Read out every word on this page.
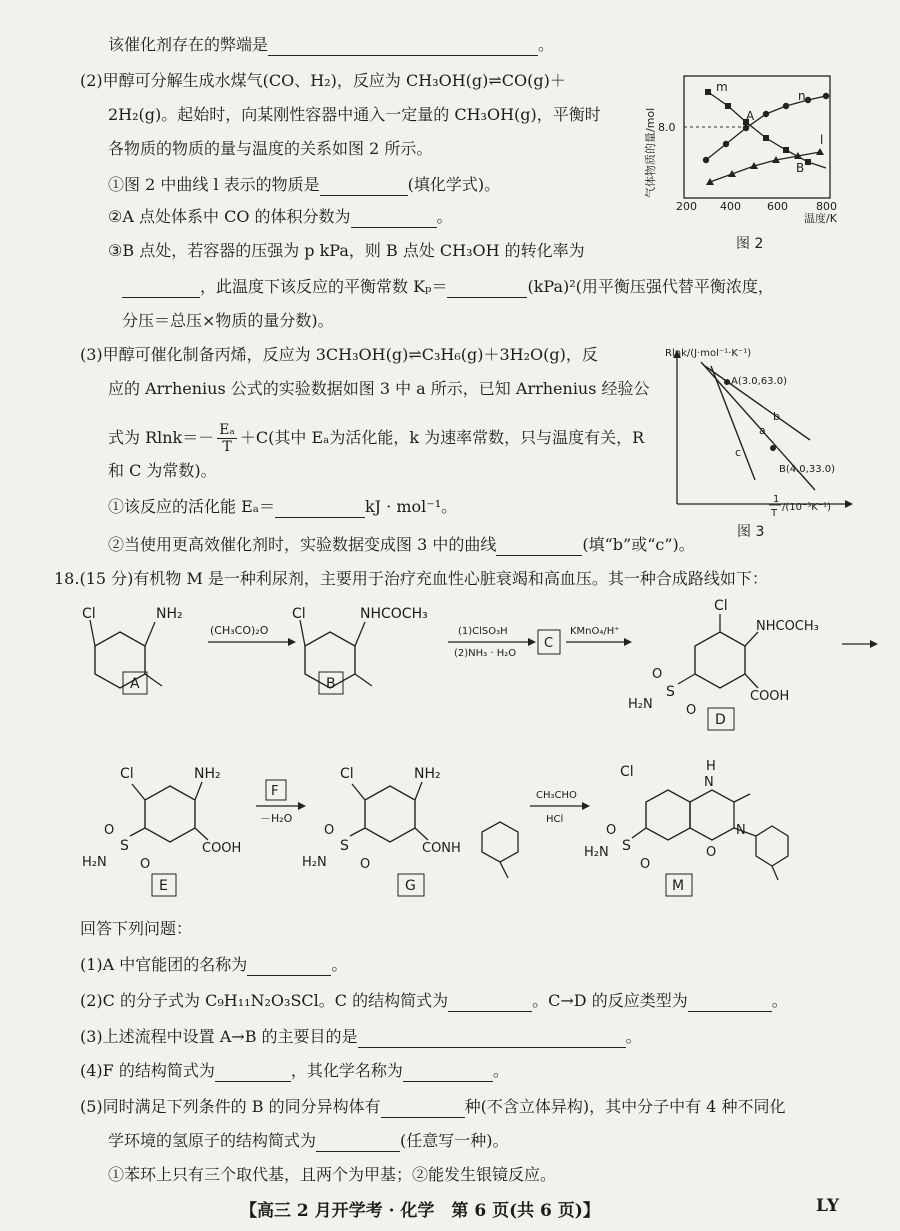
该催化剂存在的弊端是	。
(2)甲醇可分解生成水煤气(CO、H₂)，反应为 CH₃OH(g)⇌CO(g)＋
2H₂(g)。起始时，向某刚性容器中通入一定量的 CH₃OH(g)，平衡时
各物质的物质的量与温度的关系如图 2 所示。
①图 2 中曲线 l 表示的物质是	(填化学式)。
②A 点处体系中 CO 的体积分数为	。
③B 点处，若容器的压强为 p kPa，则 B 点处 CH₃OH 的转化率为
，此温度下该反应的平衡常数 Kₚ＝	(kPa)²(用平衡压强代替平衡浓度，
分压＝总压×物质的量分数)。
8.0
气体物质的量/mol
200 400 600	800
温度/K
m
n
A
l
B
图 2
(3)甲醇可催化制备丙烯，反应为 3CH₃OH(g)⇌C₃H₆(g)＋3H₂O(g)，反
应的 Arrhenius 公式的实验数据如图 3 中 a 所示，已知 Arrhenius 经验公
式为 $Rlnk=- \frac{\text{Eₐ}}{T} +C$(其中 Eₐ为活化能，k 为速率常数，只与温度有关，R
和 C 为常数)。
①该反应的活化能 Eₐ＝	kJ · mol⁻¹。
②当使用更高效催化剂时，实验数据变成图 3 中的曲线	(填“b”或“c”)。
Rlnk/(J·mol⁻¹·K⁻¹)
A(3.0,63.0)
B(4.0,33.0)
b
a
c
1
T
/(10⁻³K⁻¹)
图 3
18.(15 分)有机物 M 是一种利尿剂，主要用于治疗充血性心脏衰竭和高血压。其一种合成路线如下：
Cl	NH₂
A
(CH₃CO)₂O
Cl	NHCOCH₃
B
(1)ClSO₃H
(2)NH₃ · H₂O
C
KMnO₄/H⁺
Cl
NHCOCH₃
COOH
S
O
O
H₂N
D
Cl	NH₂
COOH
S
O
O
H₂N
E
F
－H₂O
Cl	NH₂
CONH
S
O
O
H₂N
G
CH₃CHO
HCl
Cl	H
N
N
O
S
O
O
H₂N
M
回答下列问题：
(1)A 中官能团的名称为	。
(2)C 的分子式为 C₉H₁₁N₂O₃SCl。C 的结构简式为	。C→D 的反应类型为	。
(3)上述流程中设置 A→B 的主要目的是	。
(4)F 的结构简式为	，其化学名称为	。
(5)同时满足下列条件的 B 的同分异构体有	种(不含立体异构)，其中分子中有 4 种不同化
学环境的氢原子的结构简式为	(任意写一种)。
①苯环上只有三个取代基，且两个为甲基；②能发生银镜反应。
【高三 2 月开学考 · 化学　第 6 页(共 6 页)】	LY
